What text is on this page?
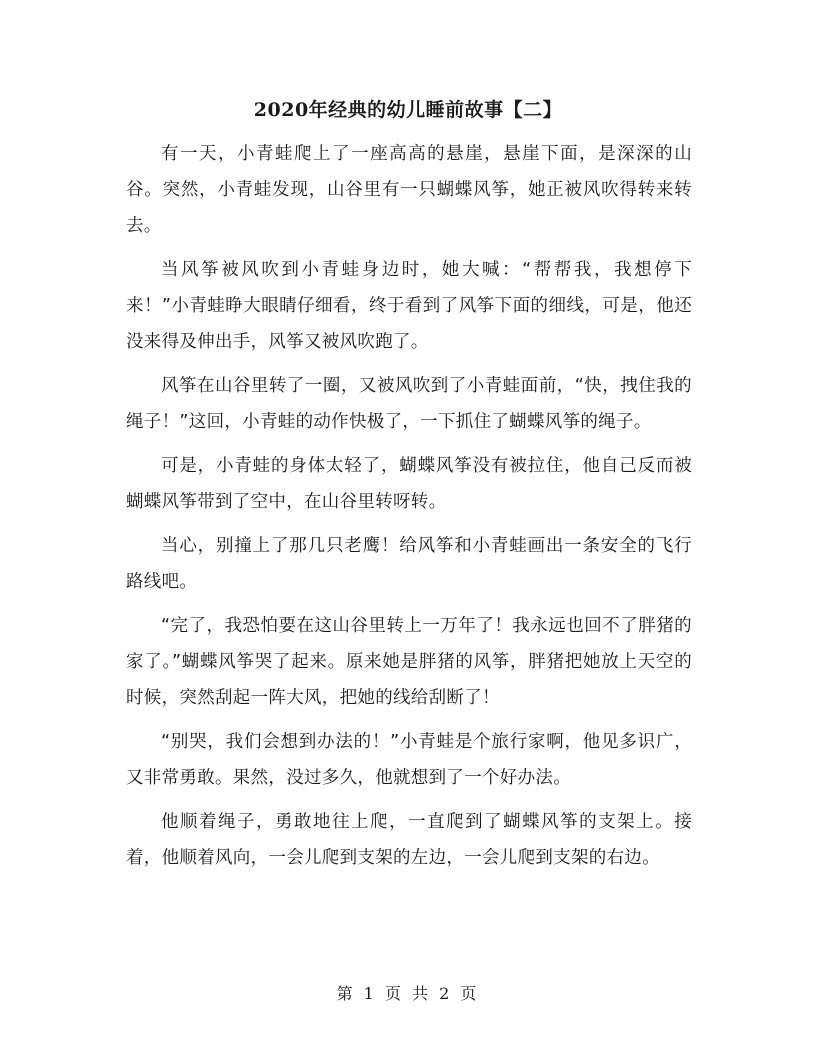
2020年经典的幼儿睡前故事【二】

有一天，小青蛙爬上了一座高高的悬崖，悬崖下面，是深深的山谷。突然，小青蛙发现，山谷里有一只蝴蝶风筝，她正被风吹得转来转去。

当风筝被风吹到小青蛙身边时，她大喊：“帮帮我，我想停下来！”小青蛙睁大眼睛仔细看，终于看到了风筝下面的细线，可是，他还没来得及伸出手，风筝又被风吹跑了。

风筝在山谷里转了一圈，又被风吹到了小青蛙面前，“快，拽住我的绳子！”这回，小青蛙的动作快极了，一下抓住了蝴蝶风筝的绳子。

可是，小青蛙的身体太轻了，蝴蝶风筝没有被拉住，他自己反而被蝴蝶风筝带到了空中，在山谷里转呀转。

当心，别撞上了那几只老鹰！给风筝和小青蛙画出一条安全的飞行路线吧。

“完了，我恐怕要在这山谷里转上一万年了！我永远也回不了胖猪的家了。”蝴蝶风筝哭了起来。原来她是胖猪的风筝，胖猪把她放上天空的时候，突然刮起一阵大风，把她的线给刮断了！

“别哭，我们会想到办法的！”小青蛙是个旅行家啊，他见多识广，又非常勇敢。果然，没过多久，他就想到了一个好办法。

他顺着绳子，勇敢地往上爬，一直爬到了蝴蝶风筝的支架上。接着，他顺着风向，一会儿爬到支架的左边，一会儿爬到支架的右边。

第 1 页 共 2 页
